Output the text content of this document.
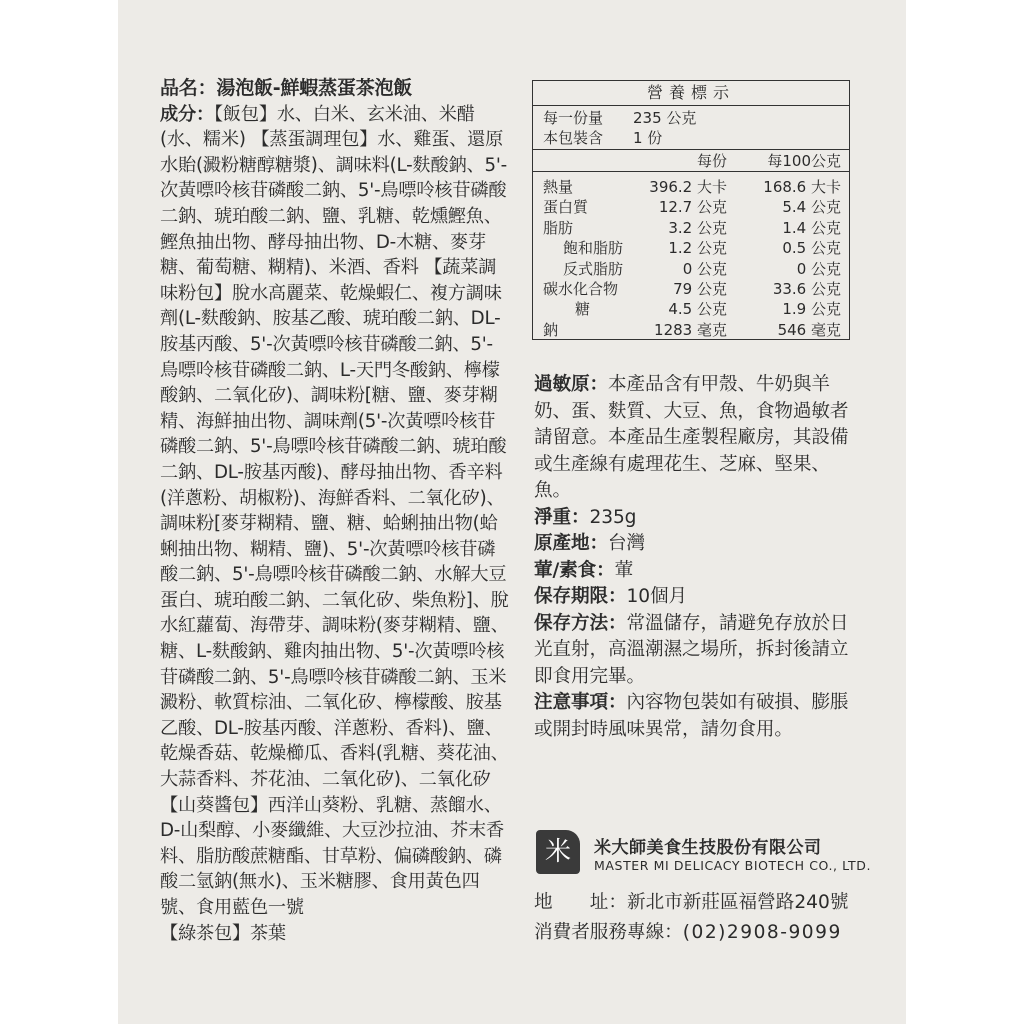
品名：湯泡飯-鮮蝦蒸蛋茶泡飯

成分：【飯包】水、白米、玄米油、米醋(水、糯米) 【蒸蛋調理包】水、雞蛋、還原水貽(澱粉糖醇糖漿)、調味料(L-麩酸鈉、5'-次黃嘌呤核苷磷酸二鈉、5'-鳥嘌呤核苷磷酸二鈉、琥珀酸二鈉、鹽、乳糖、乾燻鰹魚、鰹魚抽出物、酵母抽出物、D-木糖、麥芽糖、葡萄糖、糊精)、米酒、香料 【蔬菜調味粉包】脫水高麗菜、乾燥蝦仁、複方調味劑(L-麩酸鈉、胺基乙酸、琥珀酸二鈉、DL-胺基丙酸、5'-次黃嘌呤核苷磷酸二鈉、5'-鳥嘌呤核苷磷酸二鈉、L-天門冬酸鈉、檸檬酸鈉、二氧化矽)、調味粉[糖、鹽、麥芽糊精、海鮮抽出物、調味劑(5'-次黃嘌呤核苷磷酸二鈉、5'-鳥嘌呤核苷磷酸二鈉、琥珀酸二鈉、DL-胺基丙酸)、酵母抽出物、香辛料(洋蔥粉、胡椒粉)、海鮮香料、二氧化矽)、調味粉[麥芽糊精、鹽、糖、蛤蜊抽出物(蛤蜊抽出物、糊精、鹽)、5'-次黃嘌呤核苷磷酸二鈉、5'-鳥嘌呤核苷磷酸二鈉、水解大豆蛋白、琥珀酸二鈉、二氧化矽、柴魚粉]、脫水紅蘿蔔、海帶芽、調味粉(麥芽糊精、鹽、糖、L-麩酸鈉、雞肉抽出物、5'-次黃嘌呤核苷磷酸二鈉、5'-鳥嘌呤核苷磷酸二鈉、玉米澱粉、軟質棕油、二氧化矽、檸檬酸、胺基乙酸、DL-胺基丙酸、洋蔥粉、香料)、鹽、乾燥香菇、乾燥櫛瓜、香料(乳糖、葵花油、大蒜香料、芥花油、二氧化矽)、二氧化矽 【山葵醬包】西洋山葵粉、乳糖、蒸餾水、D-山梨醇、小麥纖維、大豆沙拉油、芥末香料、脂肪酸蔗糖酯、甘草粉、偏磷酸鈉、磷酸二氫鈉(無水)、玉米糖膠、食用黃色四號、食用藍色一號

【綠茶包】茶葉

營養標示
每一份量 235 公克
本包裝含 1 份
每份	每100公克
熱量	396.2 大卡 168.6 大卡
蛋白質	12.7 公克	5.4 公克
脂肪	3.2 公克	1.4 公克
飽和脂肪	1.2 公克	0.5 公克
反式脂肪	0 公克	0 公克
碳水化合物	79 公克	33.6 公克
糖	4.5 公克	1.9 公克
鈉	1283 毫克	546 毫克

過敏原：本產品含有甲殼、牛奶與羊奶、蛋、麩質、大豆、魚，食物過敏者請留意。本產品生產製程廠房，其設備或生產線有處理花生、芝麻、堅果、魚。

淨重：235g

原產地：台灣

葷/素食：葷

保存期限：10個月

保存方法：常溫儲存，請避免存放於日光直射，高溫潮濕之場所，拆封後請立即食用完畢。

注意事項：內容物包裝如有破損、膨脹或開封時風味異常，請勿食用。

米	米大師美食生技股份有限公司
MASTER MI DELICACY BIOTECH CO., LTD.
地　　址：新北市新莊區福營路240號
消費者服務專線：(02)2908-9099
